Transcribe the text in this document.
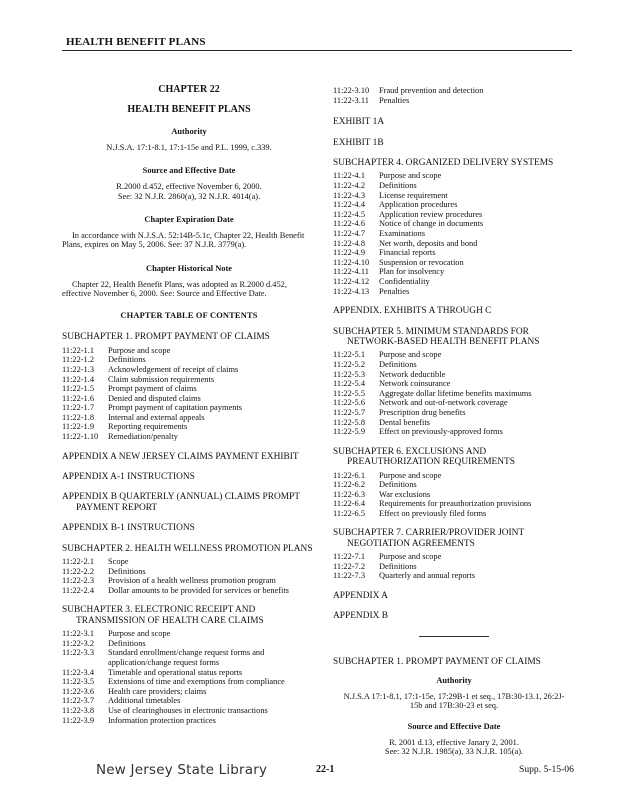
HEALTH BENEFIT PLANS
CHAPTER 22
HEALTH BENEFIT PLANS
Authority
N.J.S.A. 17:1-8.1, 17:1-15e and P.L. 1999, c.339.
Source and Effective Date
R.2000 d.452, effective November 6, 2000.
See: 32 N.J.R. 2860(a), 32 N.J.R. 4014(a).
Chapter Expiration Date
In accordance with N.J.S.A. 52:14B-5.1c, Chapter 22, Health Benefit Plans, expires on May 5, 2006. See: 37 N.J.R. 3779(a).
Chapter Historical Note
Chapter 22, Health Benefit Plans, was adopted as R.2000 d.452, effective November 6, 2000. See: Source and Effective Date.
CHAPTER TABLE OF CONTENTS
SUBCHAPTER 1. PROMPT PAYMENT OF CLAIMS
11:22-1.1	Purpose and scope
11:22-1.2	Definitions
11:22-1.3	Acknowledgement of receipt of claims
11:22-1.4	Claim submission requirements
11:22-1.5	Prompt payment of claims
11:22-1.6	Denied and disputed claims
11:22-1.7	Prompt payment of capitation payments
11:22-1.8	Internal and external appeals
11:22-1.9	Reporting requirements
11:22-1.10	Remediation/penalty
APPENDIX A NEW JERSEY CLAIMS PAYMENT EXHIBIT
APPENDIX A-1 INSTRUCTIONS
APPENDIX B QUARTERLY (ANNUAL) CLAIMS PROMPT PAYMENT REPORT
APPENDIX B-1 INSTRUCTIONS
SUBCHAPTER 2. HEALTH WELLNESS PROMOTION PLANS
11:22-2.1	Scope
11:22-2.2	Definitions
11:22-2.3	Provision of a health wellness promotion program
11:22-2.4	Dollar amounts to be provided for services or benefits
SUBCHAPTER 3. ELECTRONIC RECEIPT AND TRANSMISSION OF HEALTH CARE CLAIMS
11:22-3.1	Purpose and scope
11:22-3.2	Definitions
11:22-3.3	Standard enrollment/change request forms and application/change request forms
11:22-3.4	Timetable and operational status reports
11:22-3.5	Extensions of time and exemptions from compliance
11:22-3.6	Health care providers; claims
11:22-3.7	Additional timetables
11:22-3.8	Use of clearinghouses in electronic transactions
11:22-3.9	Information protection practices
11:22-3.10	Fraud prevention and detection
11:22-3.11	Penalties
EXHIBIT 1A
EXHIBIT 1B
SUBCHAPTER 4. ORGANIZED DELIVERY SYSTEMS
11:22-4.1	Purpose and scope
11:22-4.2	Definitions
11:22-4.3	License requirement
11:22-4.4	Application procedures
11:22-4.5	Application review procedures
11:22-4.6	Notice of change in documents
11:22-4.7	Examinations
11:22-4.8	Net worth, deposits and bond
11:22-4.9	Financial reports
11:22-4.10	Suspension or revocation
11:22-4.11	Plan for insolvency
11:22-4.12	Confidentiality
11:22-4.13	Penalties
APPENDIX. EXHIBITS A THROUGH C
SUBCHAPTER 5. MINIMUM STANDARDS FOR NETWORK-BASED HEALTH BENEFIT PLANS
11:22-5.1	Purpose and scope
11:22-5.2	Definitions
11:22-5.3	Network deductible
11:22-5.4	Network coinsurance
11:22-5.5	Aggregate dollar lifetime benefits maximums
11:22-5.6	Network and out-of-network coverage
11:22-5.7	Prescription drug benefits
11:22-5.8	Dental benefits
11:22-5.9	Effect on previously-approved forms
SUBCHAPTER 6. EXCLUSIONS AND PREAUTHORIZATION REQUIREMENTS
11:22-6.1	Purpose and scope
11:22-6.2	Definitions
11:22-6.3	War exclusions
11:22-6.4	Requirements for preauthorization provisions
11:22-6.5	Effect on previously filed forms
SUBCHAPTER 7. CARRIER/PROVIDER JOINT NEGOTIATION AGREEMENTS
11:22-7.1	Purpose and scope
11:22-7.2	Definitions
11:22-7.3	Quarterly and annual reports
APPENDIX A
APPENDIX B
SUBCHAPTER 1. PROMPT PAYMENT OF CLAIMS
Authority
N.J.S.A 17:1-8.1, 17:1-15e, 17:29B-1 et seq., 17B:30-13.1, 26:2J-15b and 17B:30-23 et seq.
Source and Effective Date
R. 2001 d.13, effective Janary 2, 2001.
See: 32 N.J.R. 1985(a), 33 N.J.R. 105(a).
New Jersey State Library	22-1	Supp. 5-15-06
